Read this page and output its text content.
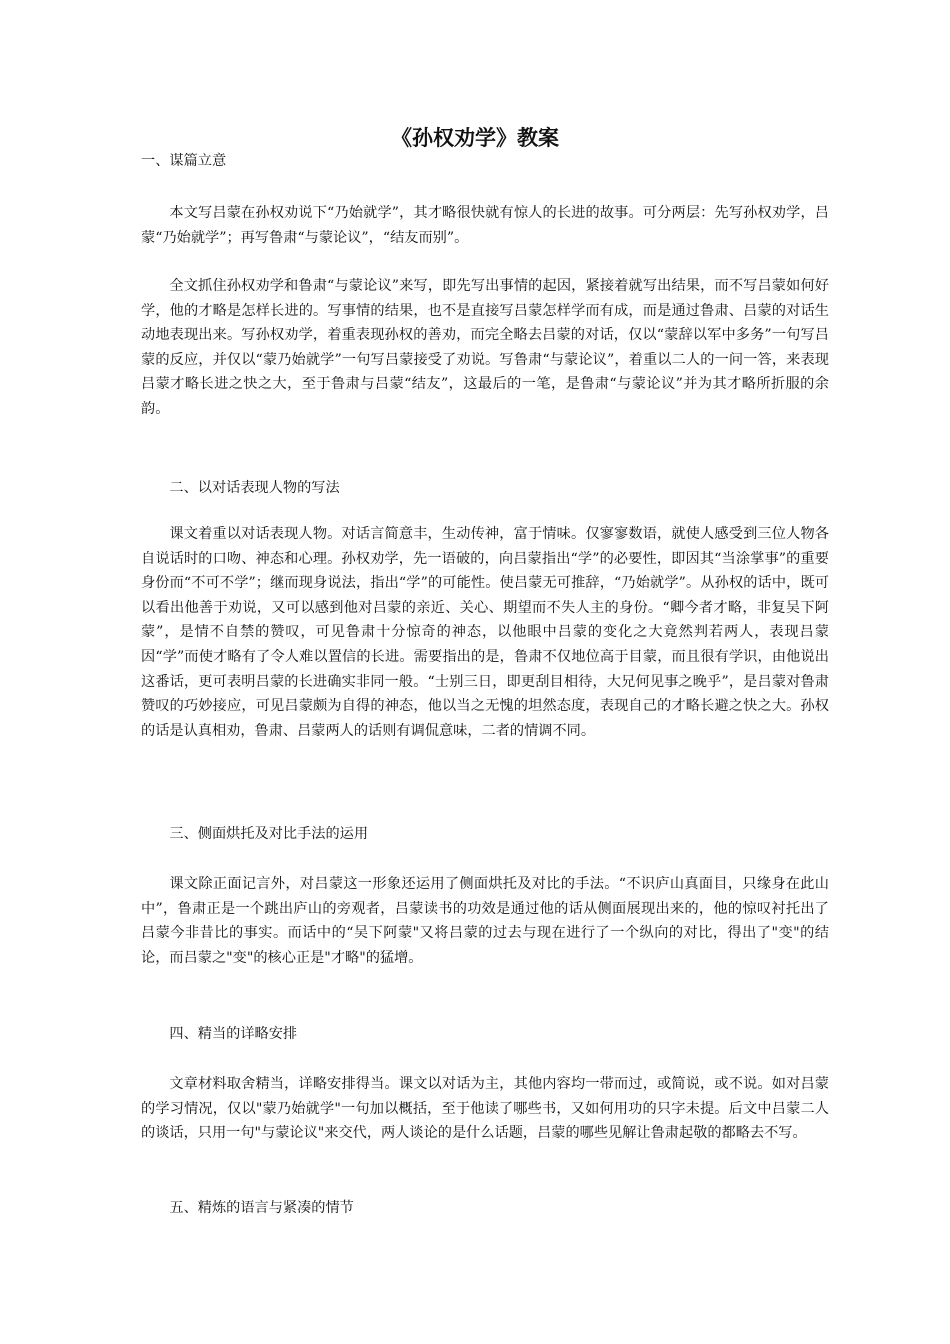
《孙权劝学》教案

一、谋篇立意

本文写吕蒙在孙权劝说下“乃始就学”，其才略很快就有惊人的长进的故事。可分两层：先写孙权劝学，吕蒙“乃始就学”；再写鲁肃“与蒙论议”，“结友而别”。

全文抓住孙权劝学和鲁肃“与蒙论议”来写，即先写出事情的起因，紧接着就写出结果，而不写吕蒙如何好学，他的才略是怎样长进的。写事情的结果，也不是直接写吕蒙怎样学而有成，而是通过鲁肃、吕蒙的对话生动地表现出来。写孙权劝学，着重表现孙权的善劝，而完全略去吕蒙的对话，仅以“蒙辞以军中多务”一句写吕蒙的反应，并仅以“蒙乃始就学”一句写吕蒙接受了劝说。写鲁肃“与蒙论议”，着重以二人的一问一答，来表现吕蒙才略长进之快之大，至于鲁肃与吕蒙“结友”，这最后的一笔，是鲁肃“与蒙论议”并为其才略所折服的余韵。

二、以对话表现人物的写法

课文着重以对话表现人物。对话言简意丰，生动传神，富于情味。仅寥寥数语，就使人感受到三位人物各自说话时的口吻、神态和心理。孙权劝学，先一语破的，向吕蒙指出“学”的必要性，即因其“当涂掌事”的重要身份而“不可不学”；继而现身说法，指出“学”的可能性。使吕蒙无可推辞，“乃始就学”。从孙权的话中，既可以看出他善于劝说，又可以感到他对吕蒙的亲近、关心、期望而不失人主的身份。“卿今者才略，非复吴下阿蒙”，是情不自禁的赞叹，可见鲁肃十分惊奇的神态，以他眼中吕蒙的变化之大竟然判若两人，表现吕蒙因“学”而使才略有了令人难以置信的长进。需要指出的是，鲁肃不仅地位高于目蒙，而且很有学识，由他说出这番话，更可表明吕蒙的长进确实非同一般。“士别三日，即更刮目相待，大兄何见事之晚乎”，是吕蒙对鲁肃赞叹的巧妙接应，可见吕蒙颇为自得的神态，他以当之无愧的坦然态度，表现自己的才略长避之快之大。孙权的话是认真相劝，鲁肃、吕蒙两人的话则有调侃意味，二者的情调不同。

三、侧面烘托及对比手法的运用

课文除正面记言外，对吕蒙这一形象还运用了侧面烘托及对比的手法。“不识庐山真面目，只缘身在此山中”，鲁肃正是一个跳出庐山的旁观者，吕蒙读书的功效是通过他的话从侧面展现出来的，他的惊叹衬托出了吕蒙今非昔比的事实。而话中的“吴下阿蒙"又将吕蒙的过去与现在进行了一个纵向的对比，得出了"变"的结论，而吕蒙之"变"的核心正是"才略"的猛增。

四、精当的详略安排

文章材料取舍精当，详略安排得当。课文以对话为主，其他内容均一带而过，或简说，或不说。如对吕蒙的学习情况，仅以"蒙乃始就学"一句加以概括，至于他读了哪些书，又如何用功的只字未提。后文中吕蒙二人的谈话，只用一句"与蒙论议"来交代，两人谈论的是什么话题，吕蒙的哪些见解让鲁肃起敬的都略去不写。

五、精炼的语言与紧凑的情节
